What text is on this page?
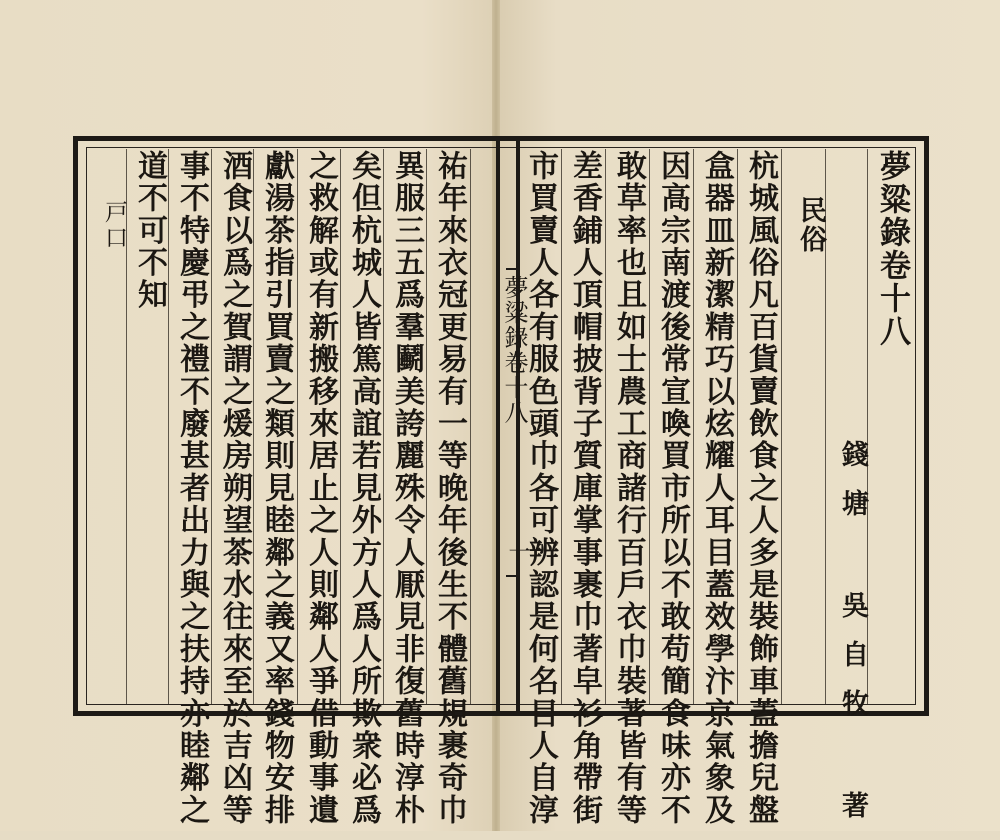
夢粱錄卷十八
民俗
錢塘 吳自牧 著
杭城風俗凡百貨賣飲食之人多是裝飾車蓋擔兒盤
盒器皿新潔精巧以炫耀人耳目蓋效學汴京氣象及
因高宗南渡後常宣喚買市所以不敢苟簡食味亦不
敢草率也且如士農工商諸行百戶衣巾裝著皆有等
差香鋪人頂帽披背子質庫掌事裹巾著皁衫角帶街
市買賣人各有服色頭巾各可辨認是何名目人自淳
夢粱錄卷十八
一
祐年來衣冠更易有一等晚年後生不體舊規裹奇巾
異服三五爲羣鬬美誇麗殊令人厭見非復舊時淳朴
矣但杭城人皆篤高誼若見外方人爲人所欺衆必爲
之救解或有新搬移來居止之人則鄰人爭借動事遺
獻湯茶指引買賣之類則見睦鄰之義又率錢物安排
酒食以爲之賀謂之煖房朔望茶水往來至於吉凶等
事不特慶弔之禮不廢甚者出力與之扶持亦睦鄰之
道不可不知
戸口
